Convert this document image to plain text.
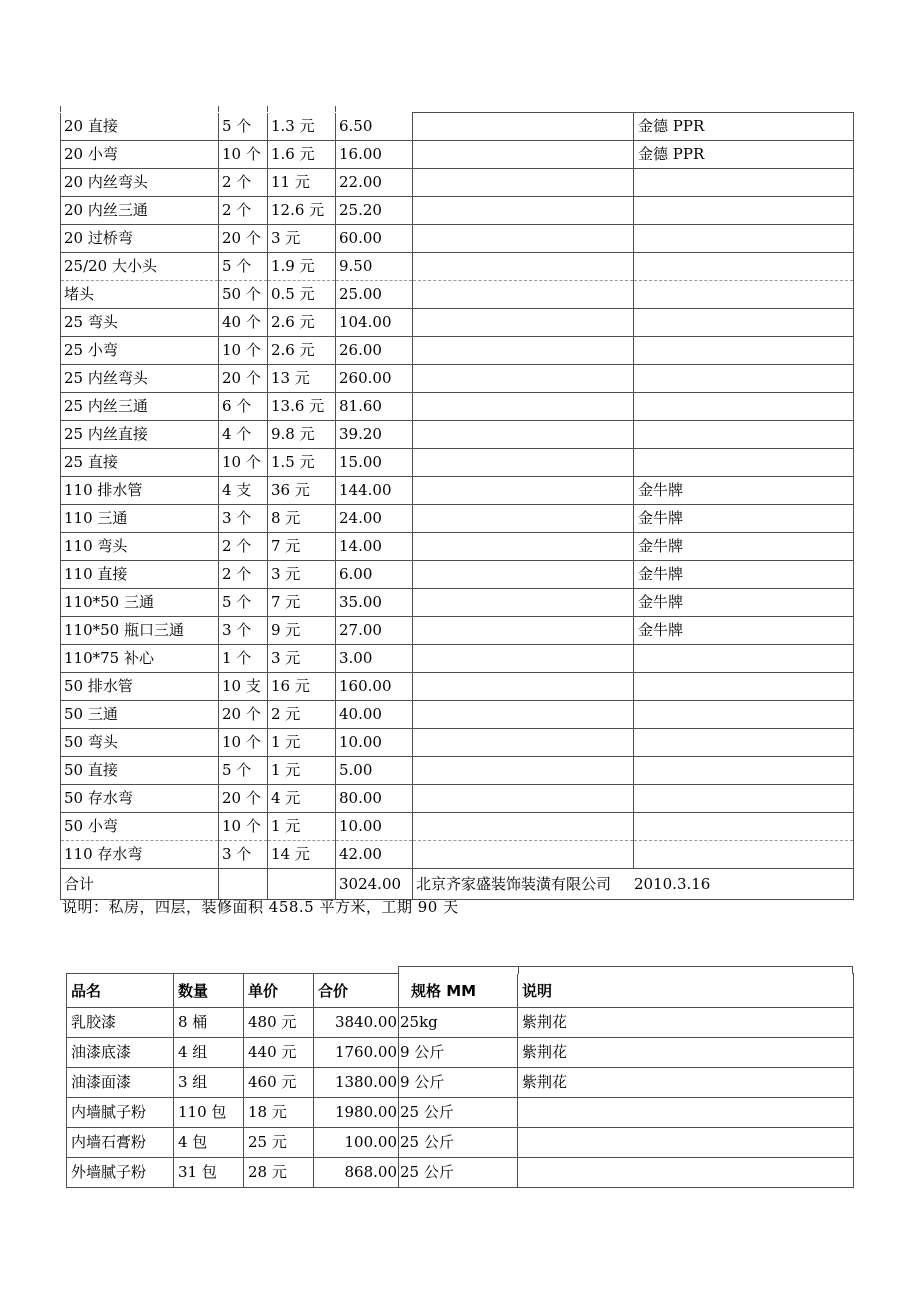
20 直接	5 个	1.3 元	6.50		金德 PPR
20 小弯	10 个	1.6 元	16.00		金德 PPR
20 内丝弯头	2 个	11 元	22.00		
20 内丝三通	2 个	12.6 元	25.20		
20 过桥弯	20 个	3 元	60.00		
25/20 大小头	5 个	1.9 元	9.50		
堵头	50 个	0.5 元	25.00		
25 弯头	40 个	2.6 元	104.00		
25 小弯	10 个	2.6 元	26.00		
25 内丝弯头	20 个	13 元	260.00		
25 内丝三通	6 个	13.6 元	81.60		
25 内丝直接	4 个	9.8 元	39.20		
25 直接	10 个	1.5 元	15.00		
110 排水管	4 支	36 元	144.00		金牛牌
110 三通	3 个	8 元	24.00		金牛牌
110 弯头	2 个	7 元	14.00		金牛牌
110 直接	2 个	3 元	6.00		金牛牌
110*50 三通	5 个	7 元	35.00		金牛牌
110*50 瓶口三通	3 个	9 元	27.00		金牛牌
110*75 补心	1 个	3 元	3.00		
50 排水管	10 支	16 元	160.00		
50 三通	20 个	2 元	40.00		
50 弯头	10 个	1 元	10.00		
50 直接	5 个	1 元	5.00		
50 存水弯	20 个	4 元	80.00		
50 小弯	10 个	1 元	10.00		
110 存水弯	3 个	14 元	42.00		
合计			3024.00	北京齐家盛装饰装潢有限公司 2010.3.16	
说明：私房，四层，装修面积 458.5 平方米，工期 90 天
品名	数量	单价	合价	规格 MM	说明
乳胶漆	8 桶	480 元	3840.00	25kg	紫荆花
油漆底漆	4 组	440 元	1760.00	9 公斤	紫荆花
油漆面漆	3 组	460 元	1380.00	9 公斤	紫荆花
内墙腻子粉	110 包	18 元	1980.00	25 公斤	
内墙石膏粉	4 包	25 元	100.00	25 公斤	
外墙腻子粉	31 包	28 元	868.00	25 公斤	
